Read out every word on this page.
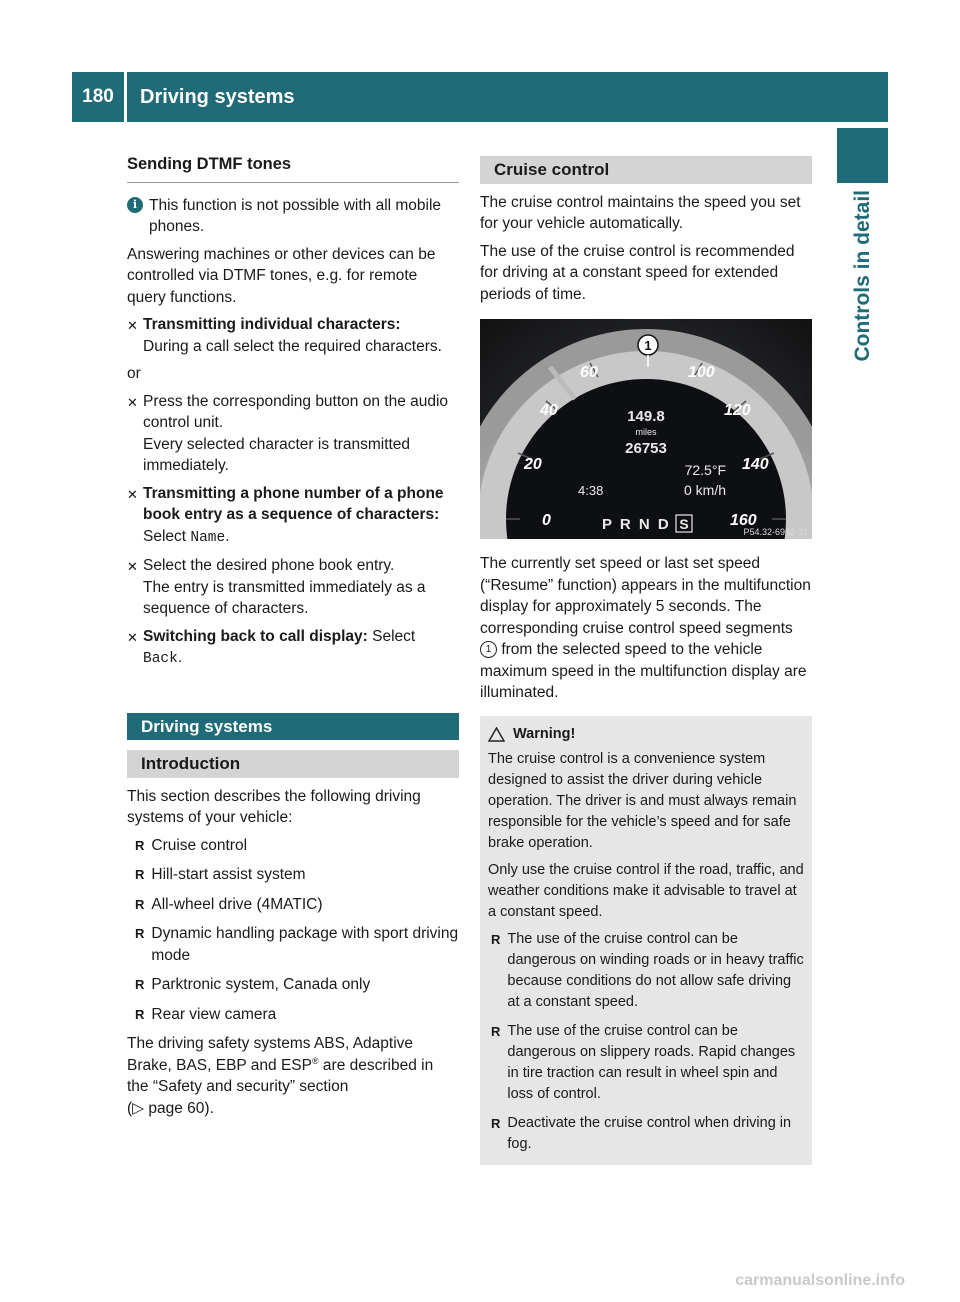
180	Driving systems
Controls in detail
Sending DTMF tones
i This function is not possible with all mobile phones.

Answering machines or other devices can be controlled via DTMF tones, e.g. for remote query functions.

✕ Transmitting individual characters:
During a call select the required characters.

or

✕ Press the corresponding button on the audio control unit.
Every selected character is transmitted immediately.
✕ Transmitting a phone number of a phone book entry as a sequence of characters: Select Name.
✕ Select the desired phone book entry.
The entry is transmitted immediately as a sequence of characters.
✕ Switching back to call display: Select
Back.
Driving systems
Introduction

This section describes the following driving systems of your vehicle:

R Cruise control
R Hill-start assist system
R All-wheel drive (4MATIC)
R Dynamic handling package with sport driving mode
R Parktronic system, Canada only
R Rear view camera

The driving safety systems ABS, Adaptive Brake, BAS, EBP and ESP® are described in the “Safety and security” section
(▷ page 60).

Cruise control

The cruise control maintains the speed you set for your vehicle automatically.

The use of the cruise control is recommended for driving at a constant speed for extended periods of time.

0
20
40
60	100
120
140
160
1
149.8
miles
26753
72.5°F
4:38	0 km/h
P R N D S	P54.32-6962-31

The currently set speed or last set speed (“Resume” function) appears in the multifunction display for approximately 5 seconds. The corresponding cruise control speed segments 1 from the selected speed to the vehicle maximum speed in the multifunction display are illuminated.

Warning!

The cruise control is a convenience system designed to assist the driver during vehicle operation. The driver is and must always remain responsible for the vehicle’s speed and for safe brake operation.

Only use the cruise control if the road, traffic, and weather conditions make it advisable to travel at a constant speed.

R The use of the cruise control can be dangerous on winding roads or in heavy traffic because conditions do not allow safe driving at a constant speed.
R The use of the cruise control can be dangerous on slippery roads. Rapid changes in tire traction can result in wheel spin and loss of control.
R Deactivate the cruise control when driving in fog.
carmanualsonline.info
